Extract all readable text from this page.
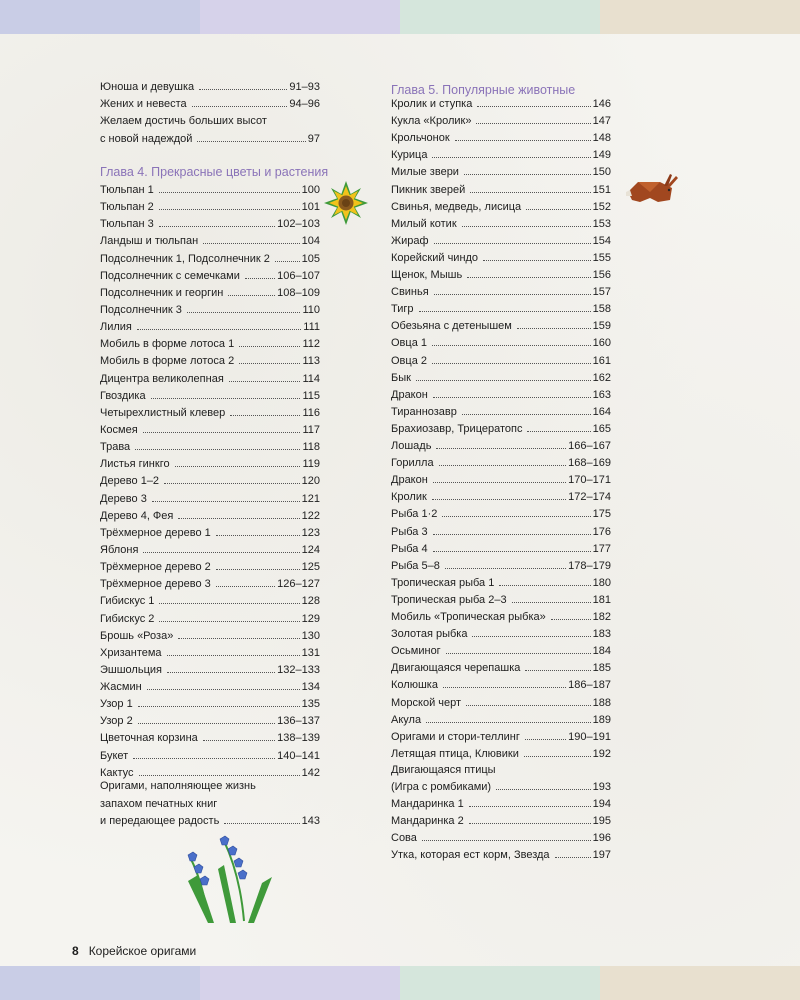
Юноша и девушка	91–93
Жених и невеста	94–96
Желаем достичь больших высот
с новой надеждой	97
Глава 4. Прекрасные цветы и растения
Тюльпан 1	100
Тюльпан 2	101
Тюльпан 3	102–103
Ландыш и тюльпан	104
Подсолнечник 1, Подсолнечник 2	105
Подсолнечник с семечками	106–107
Подсолнечник и георгин	108–109
Подсолнечник 3	110
Лилия	111
Мобиль в форме лотоса 1	112
Мобиль в форме лотоса 2	113
Дицентра великолепная	114
Гвоздика	115
Четырехлистный клевер	116
Космея	117
Трава	118
Листья гинкго	119
Дерево 1–2	120
Дерево 3	121
Дерево 4, Фея	122
Трёхмерное дерево 1	123
Яблоня	124
Трёхмерное дерево 2	125
Трёхмерное дерево 3	126–127
Гибискус 1	128
Гибискус 2	129
Брошь «Роза»	130
Хризантема	131
Эшшольция	132–133
Жасмин	134
Узор 1	135
Узор 2	136–137
Цветочная корзина	138–139
Букет	140–141
Кактус	142
Оригами, наполняющее жизнь
запахом печатных книг
и передающее радость	143
Глава 5. Популярные животные
Кролик и ступка	146
Кукла «Кролик»	147
Крольчонок	148
Курица	149
Милые звери	150
Пикник зверей	151
Свинья, медведь, лисица	152
Милый котик	153
Жираф	154
Корейский чиндо	155
Щенок, Мышь	156
Свинья	157
Тигр	158
Обезьяна с детенышем	159
Овца 1	160
Овца 2	161
Бык	162
Дракон	163
Тираннозавр	164
Брахиозавр, Трицератопс	165
Лошадь	166–167
Горилла	168–169
Дракон	170–171
Кролик	172–174
Рыба 1·2	175
Рыба 3	176
Рыба 4	177
Рыба 5–8	178–179
Тропическая рыба 1	180
Тропическая рыба 2–3	181
Мобиль «Тропическая рыбка»	182
Золотая рыбка	183
Осьминог	184
Двигающаяся черепашка	185
Колюшка	186–187
Морской черт	188
Акула	189
Оригами и стори-теллинг	190–191
Летящая птица, Клювики	192
Двигающаяся птицы
(Игра с ромбиками)	193
Мандаринка 1	194
Мандаринка 2	195
Сова	196
Утка, которая ест корм, Звезда	197
8 Корейское оригами
